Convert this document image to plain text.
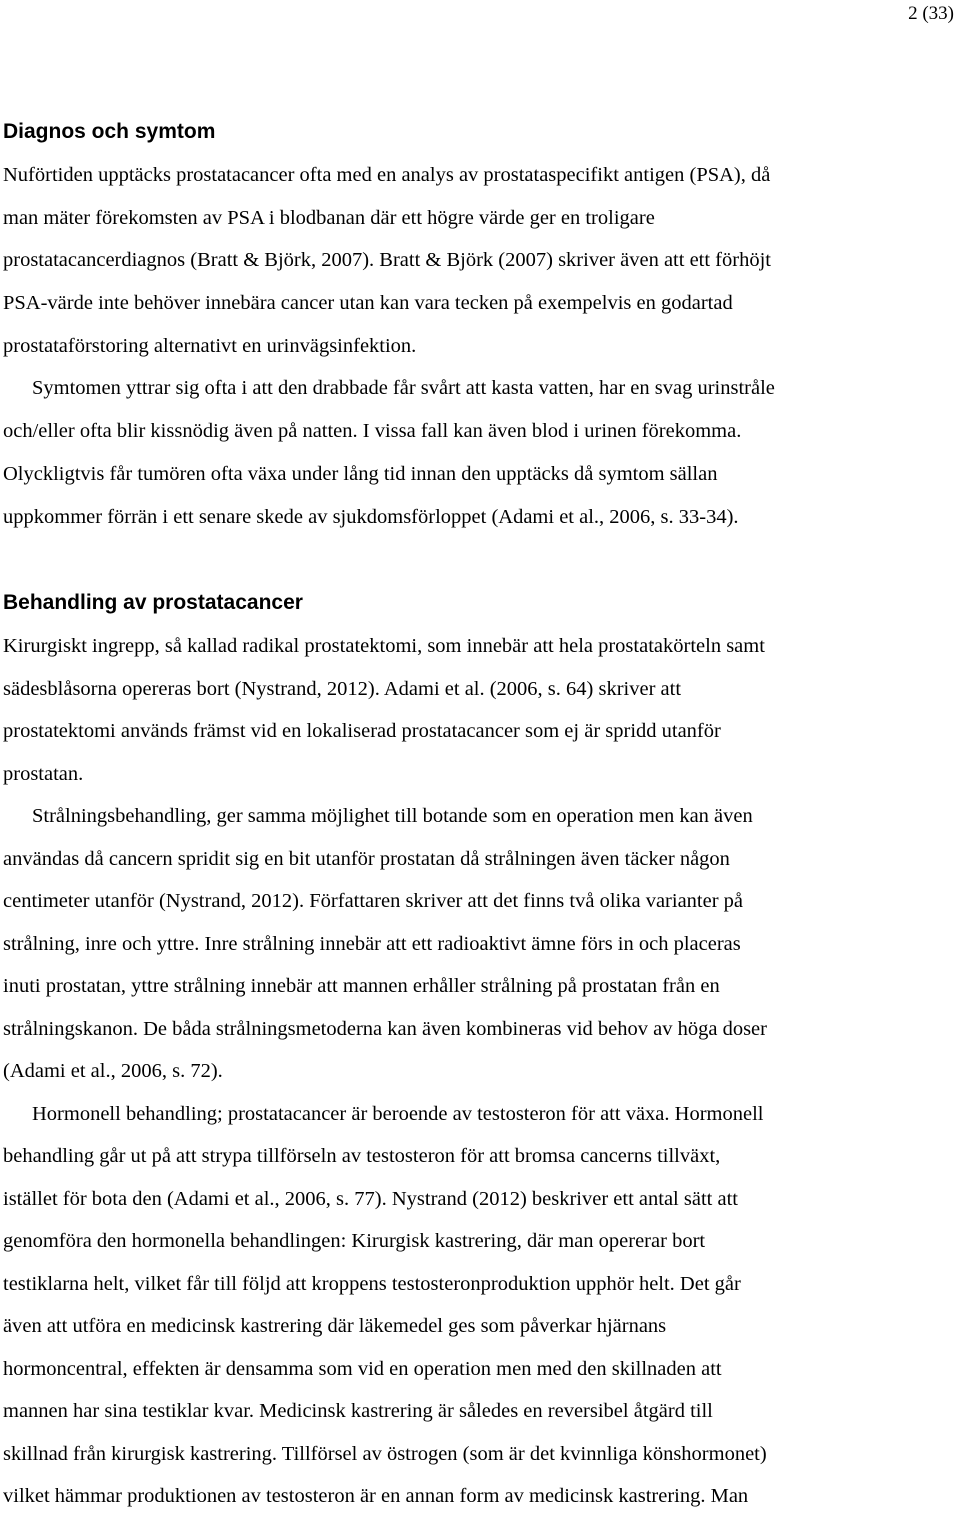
2 (33)
Diagnos och symtom
Nuförtiden upptäcks prostatacancer ofta med en analys av prostataspecifikt antigen (PSA), då
man mäter förekomsten av PSA i blodbanan där ett högre värde ger en troligare
prostatacancerdiagnos (Bratt & Björk, 2007). Bratt & Björk (2007) skriver även att ett förhöjt
PSA-värde inte behöver innebära cancer utan kan vara tecken på exempelvis en godartad
prostataförstoring alternativt en urinvägsinfektion.
Symtomen yttrar sig ofta i att den drabbade får svårt att kasta vatten, har en svag urinstråle
och/eller ofta blir kissnödig även på natten. I vissa fall kan även blod i urinen förekomma.
Olyckligtvis får tumören ofta växa under lång tid innan den upptäcks då symtom sällan
uppkommer förrän i ett senare skede av sjukdomsförloppet (Adami et al., 2006, s. 33-34).
Behandling av prostatacancer
Kirurgiskt ingrepp, så kallad radikal prostatektomi, som innebär att hela prostatakörteln samt
sädesblåsorna opereras bort (Nystrand, 2012). Adami et al. (2006, s. 64) skriver att
prostatektomi används främst vid en lokaliserad prostatacancer som ej är spridd utanför
prostatan.
Strålningsbehandling, ger samma möjlighet till botande som en operation men kan även
användas då cancern spridit sig en bit utanför prostatan då strålningen även täcker någon
centimeter utanför (Nystrand, 2012). Författaren skriver att det finns två olika varianter på
strålning, inre och yttre. Inre strålning innebär att ett radioaktivt ämne förs in och placeras
inuti prostatan, yttre strålning innebär att mannen erhåller strålning på prostatan från en
strålningskanon. De båda strålningsmetoderna kan även kombineras vid behov av höga doser
(Adami et al., 2006, s. 72).
Hormonell behandling; prostatacancer är beroende av testosteron för att växa. Hormonell
behandling går ut på att strypa tillförseln av testosteron för att bromsa cancerns tillväxt,
istället för bota den (Adami et al., 2006, s. 77). Nystrand (2012) beskriver ett antal sätt att
genomföra den hormonella behandlingen: Kirurgisk kastrering, där man opererar bort
testiklarna helt, vilket får till följd att kroppens testosteronproduktion upphör helt. Det går
även att utföra en medicinsk kastrering där läkemedel ges som påverkar hjärnans
hormoncentral, effekten är densamma som vid en operation men med den skillnaden att
mannen har sina testiklar kvar. Medicinsk kastrering är således en reversibel åtgärd till
skillnad från kirurgisk kastrering. Tillförsel av östrogen (som är det kvinnliga könshormonet)
vilket hämmar produktionen av testosteron är en annan form av medicinsk kastrering. Man
